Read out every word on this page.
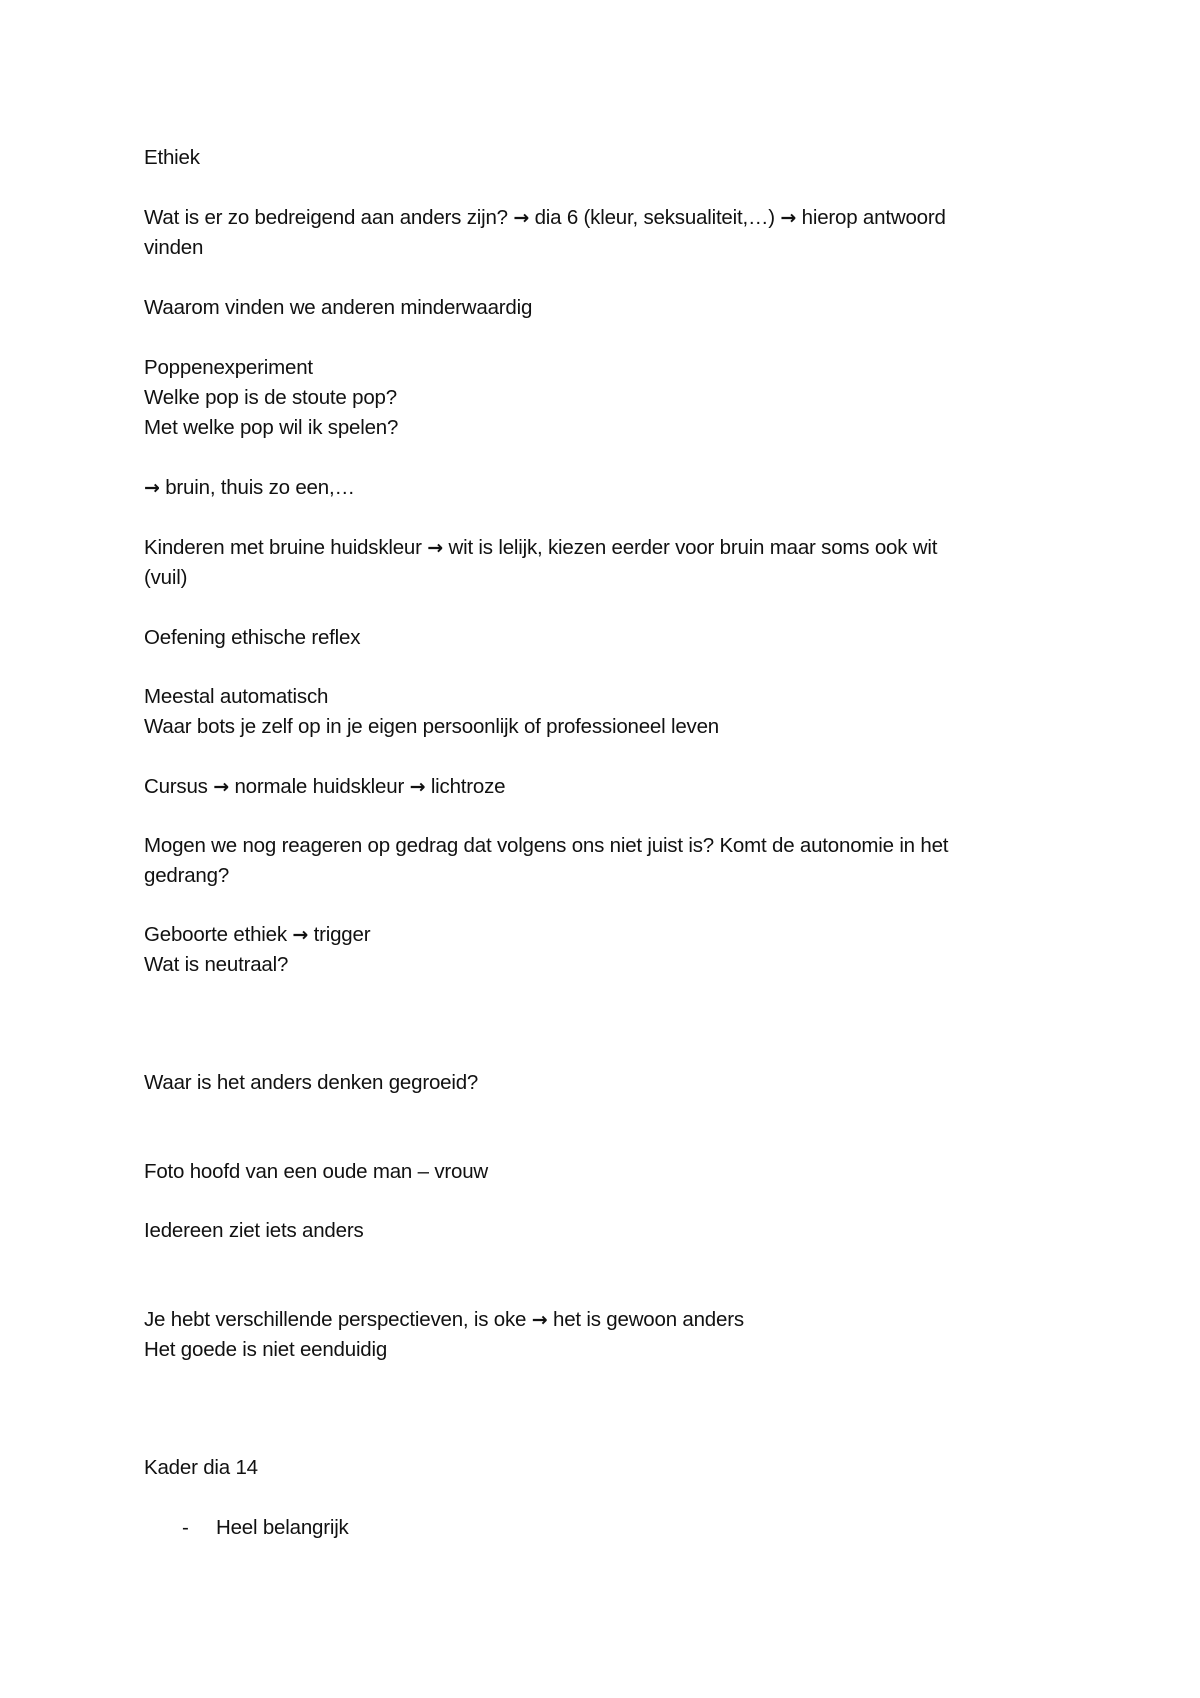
Ethiek
Wat is er zo bedreigend aan anders zijn? → dia 6 (kleur, seksualiteit,…) → hierop antwoord
vinden
Waarom vinden we anderen minderwaardig
Poppenexperiment
Welke pop is de stoute pop?
Met welke pop wil ik spelen?
→ bruin, thuis zo een,…
Kinderen met bruine huidskleur → wit is lelijk, kiezen eerder voor bruin maar soms ook wit
(vuil)
Oefening ethische reflex
Meestal automatisch
Waar bots je zelf op in je eigen persoonlijk of professioneel leven
Cursus → normale huidskleur → lichtroze
Mogen we nog reageren op gedrag dat volgens ons niet juist is? Komt de autonomie in het
gedrang?
Geboorte ethiek → trigger
Wat is neutraal?
Waar is het anders denken gegroeid?
Foto hoofd van een oude man – vrouw
Iedereen ziet iets anders
Je hebt verschillende perspectieven, is oke → het is gewoon anders
Het goede is niet eenduidig
Kader dia 14
- Heel belangrijk
